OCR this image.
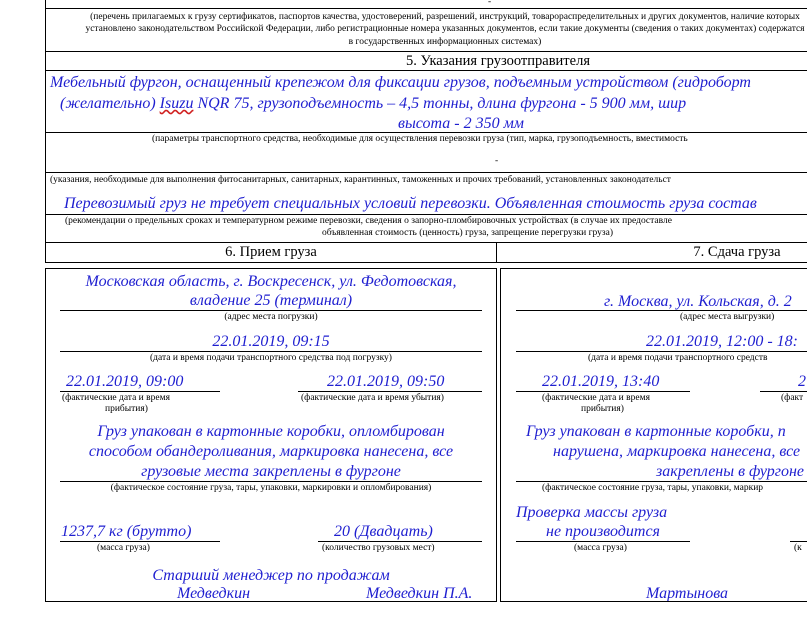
-
(перечень прилагаемых к грузу сертификатов, паспортов качества, удостоверений, разрешений, инструкций, товарораспределительных и других документов, наличие которых
установлено законодательством Российской Федерации, либо регистрационные номера указанных документов, если такие документы (сведения о таких документах) содержатся
в государственных информационных системах)
5. Указания грузоотправителя
Мебельный фургон, оснащенный крепежом для фиксации грузов, подъемным устройством (гидроборт
(желательно) Isuzu NQR 75, грузоподъемность – 4,5 тонны, длина фургона - 5 900 мм, шир
высота - 2 350 мм
(параметры транспортного средства, необходимые для осуществления перевозки груза (тип, марка, грузоподъемность, вместимость
-
(указания, необходимые для выполнения фитосанитарных, санитарных, карантинных, таможенных и прочих требований, установленных законодательст
Перевозимый груз не требует специальных условий перевозки. Объявленная стоимость груза состав
(рекомендации о предельных сроках и температурном режиме перевозки, сведения о запорно-пломбировочных устройствах (в случае их предоставле
объявленная стоимость (ценность) груза, запрещение перегрузки груза)
6. Прием груза	7. Сдача груза
Московская область, г. Воскресенск, ул. Федотовская,
владение 25 (терминал)
(адрес места погрузки)
22.01.2019, 09:15
(дата и время подачи транспортного средства под погрузку)
22.01.2019, 09:00	22.01.2019, 09:50
(фактические дата и время
прибытия)
(фактические дата и время убытия)
Груз упакован в картонные коробки, опломбирован
способом обандероливания, маркировка нанесена, все
грузовые места закреплены в фургоне
(фактическое состояние груза, тары, упаковки, маркировки и опломбирования)
1237,7 кг (брутто)	20 (Двадцать)
(масса груза)	(количество грузовых мест)
Старший менеджер по продажам
Медведкин	Медведкин П.А.
г. Москва, ул. Кольская, д. 2
(адрес места выгрузки)
22.01.2019, 12:00 - 18:
(дата и время подачи транспортного средств
22.01.2019, 13:40	2
(фактические дата и время
прибытия)
(факт
Груз упакован в картонные коробки, п
нарушена, маркировка нанесена, все
закреплены в фургоне
(фактическое состояние груза, тары, упаковки, маркир
Проверка массы груза
не производится
(масса груза)	(к
Мартынова
